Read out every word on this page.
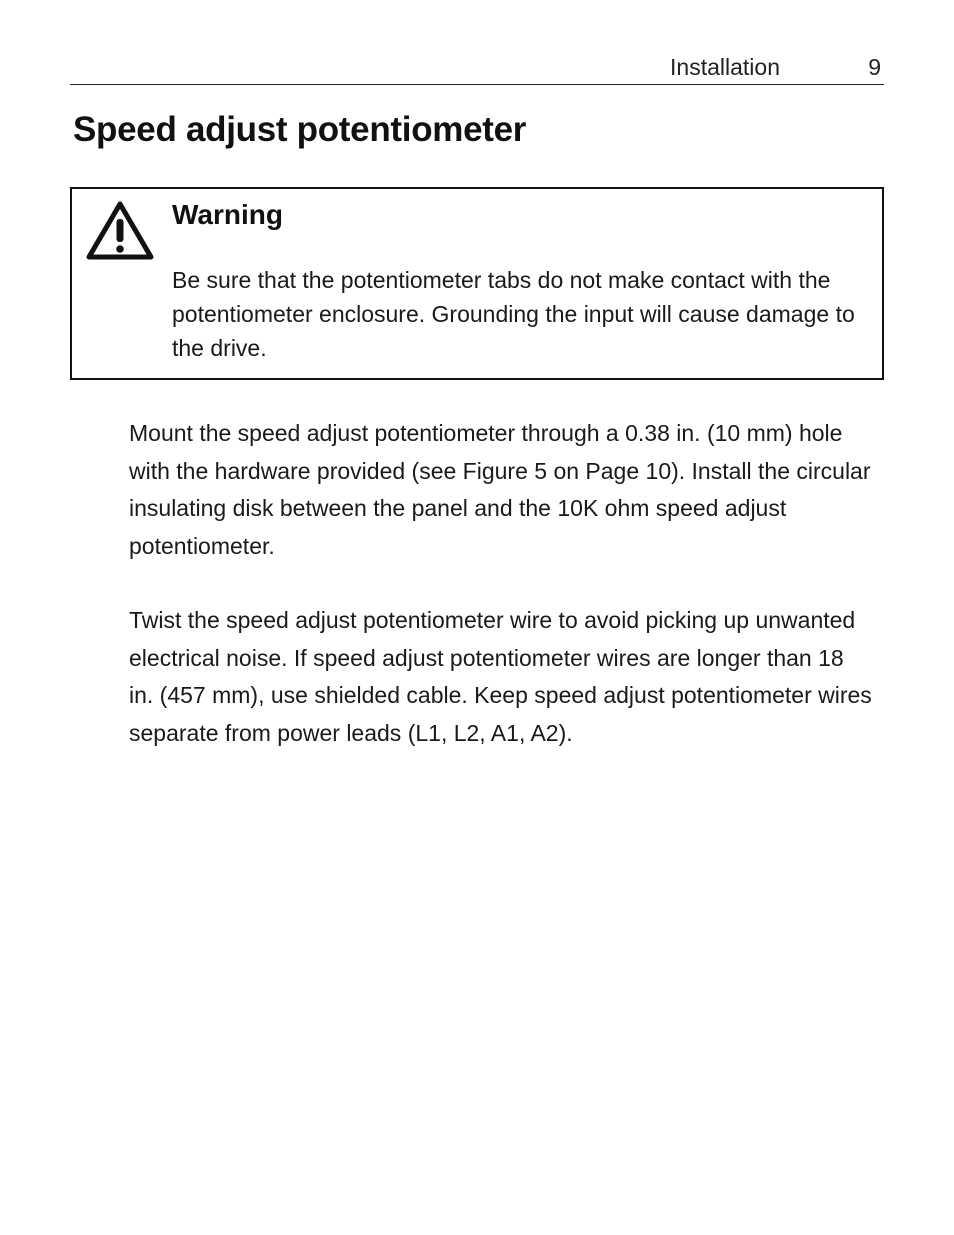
Installation	9
Speed adjust potentiometer
Warning

Be sure that the potentiometer tabs do not make contact with the potentiometer enclosure. Grounding the input will cause damage to the drive.

Mount the speed adjust potentiometer through a 0.38 in. (10 mm) hole with the hardware provided (see Figure 5 on Page 10). Install the circular insulating disk between the panel and the 10K ohm speed adjust potentiometer.

Twist the speed adjust potentiometer wire to avoid picking up unwanted electrical noise. If speed adjust potentiometer wires are longer than 18 in. (457 mm), use shielded cable. Keep speed adjust potentiometer wires separate from power leads (L1, L2, A1, A2).
